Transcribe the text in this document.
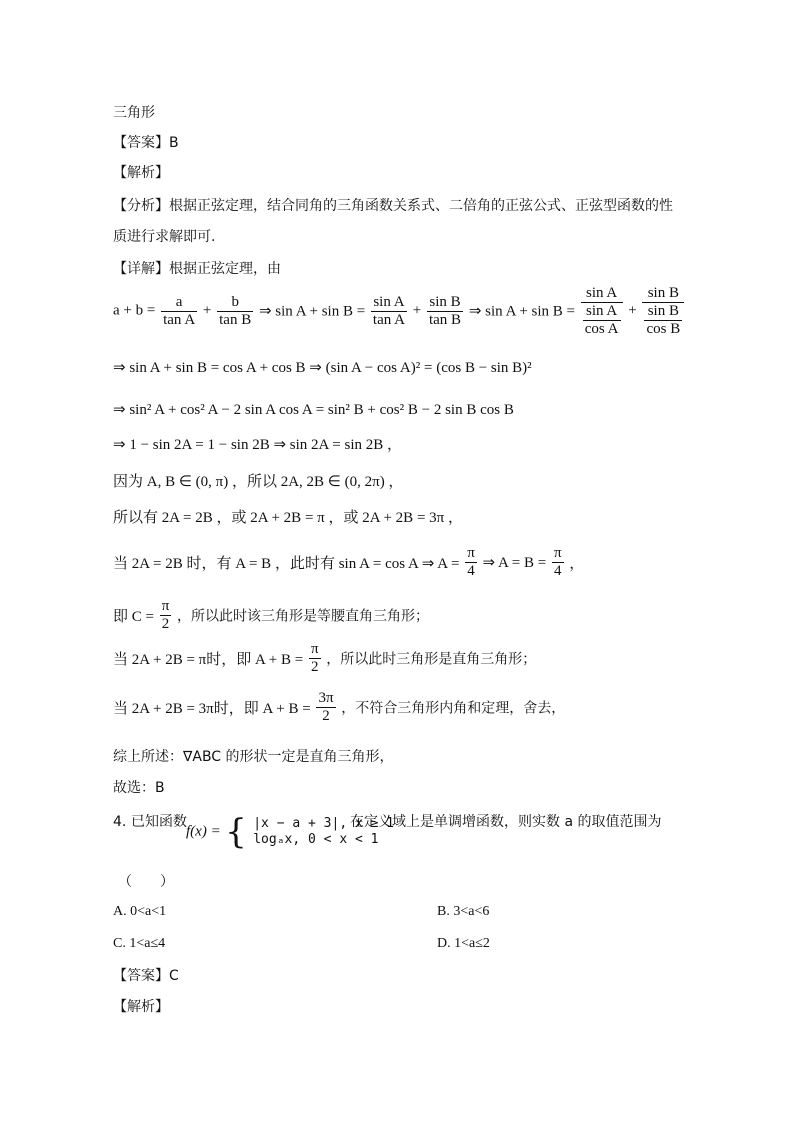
三角形
【答案】B
【解析】
【分析】根据正弦定理，结合同角的三角函数关系式、二倍角的正弦公式、正弦型函数的性
质进行求解即可.
【详解】根据正弦定理，由
$a + b = \frac{a}{\text{tan A}} + \frac{b}{\text{tan B}}$ ⇒ $\sin A + \sin B = \frac{\text{sin A}}{\text{tan A}} + \frac{\text{sin B}}{\text{tan B}}$ ⇒ $\sin A + \sin B = \frac{\text{sin A}}{\frac{\text{sin A}}{\text{cos A}}} + \frac{\text{sin B}}{\frac{\text{sin B}}{\text{cos B}}}$
⇒ sin A + sin B = cos A + cos B ⇒ (sin A − cos A)² = (cos B − sin B)²
⇒ sin² A + cos² A − 2 sin A cos A = sin² B + cos² B − 2 sin B cos B
⇒ 1 − sin 2A = 1 − sin 2B ⇒ sin 2A = sin 2B ，
因为 A, B ∈ (0, π) ，所以 2A, 2B ∈ (0, 2π) ，
所以有 2A = 2B ，或 2A + 2B = π ，或 2A + 2B = 3π ，
当 2A = 2B 时，有 A = B ，此时有 sin A = cos A ⇒ $A = \frac{\pi}{4}$ ⇒ $A = B = \frac{\pi}{4}$ ，
即 $C = \frac{\pi}{2}$ ，所以此时该三角形是等腰直角三角形；
当 2A + 2B = π时，即 $A + B = \frac{\pi}{2}$ ，所以此时三角形是直角三角形；
当 2A + 2B = 3π时，即 $A + B = \frac{3\pi}{2}$ ，不符合三角形内角和定理，舍去，
综上所述：∇ABC 的形状一定是直角三角形，
故选：B
4. 已知函数
f(x) = { |x − a + 3|, x ≥ 1
logₐx, 0 < x < 1
在定义域上是单调增函数，则实数 a 的取值范围为
（　　）
A. 0<a<1	B. 3<a<6
C. 1<a≤4	D. 1<a≤2
【答案】C
【解析】
